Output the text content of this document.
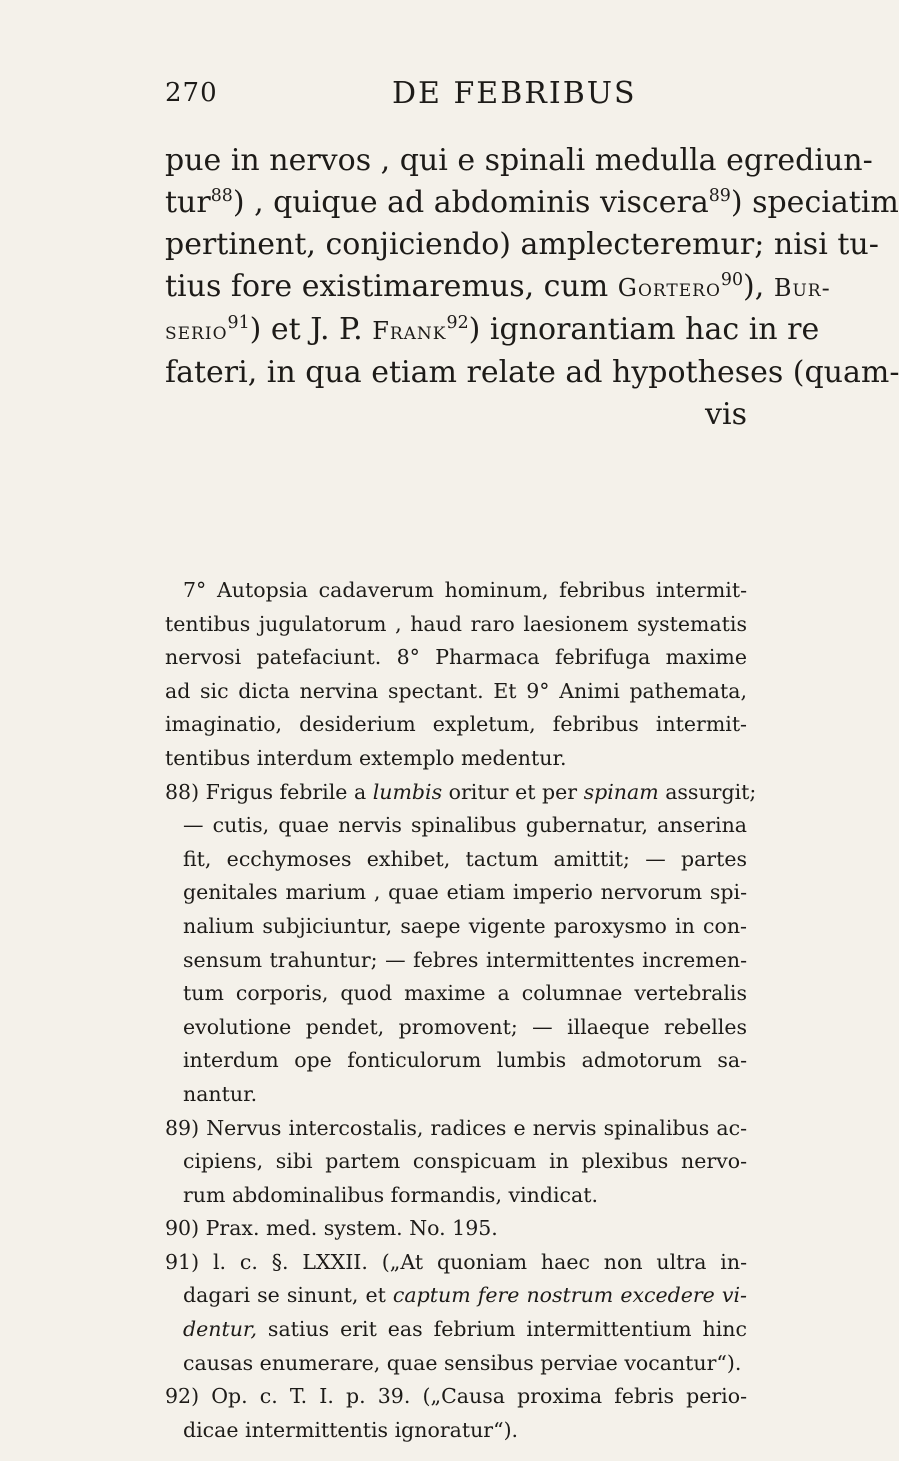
270	DE FEBRIBUS
pue in nervos , qui e spinali medulla egrediun-
tur$^{88}$) , quique ad abdominis viscera$^{89}$) speciatim
pertinent, conjiciendo) amplecteremur; nisi tu-
tius fore existimaremus, cum Gortero$^{90}$), Bur-
serio$^{91}$) et J. P. Frank$^{92}$) ignorantiam hac in re
fateri, in qua etiam relate ad hypotheses (quam-
vis
7° Autopsia cadaverum hominum, febribus intermit-
tentibus jugulatorum , haud raro laesionem systematis
nervosi patefaciunt. 8° Pharmaca febrifuga maxime
ad sic dicta nervina spectant. Et 9° Animi pathemata,
imaginatio, desiderium expletum, febribus intermit-
tentibus interdum extemplo medentur.
88) Frigus febrile a lumbis oritur et per spinam assurgit;
— cutis, quae nervis spinalibus gubernatur, anserina
fit, ecchymoses exhibet, tactum amittit; — partes
genitales marium , quae etiam imperio nervorum spi-
nalium subjiciuntur, saepe vigente paroxysmo in con-
sensum trahuntur; — febres intermittentes incremen-
tum corporis, quod maxime a columnae vertebralis
evolutione pendet, promovent; — illaeque rebelles
interdum ope fonticulorum lumbis admotorum sa-
nantur.
89) Nervus intercostalis, radices e nervis spinalibus ac-
cipiens, sibi partem conspicuam in plexibus nervo-
rum abdominalibus formandis, vindicat.
90) Prax. med. system. No. 195.
91) l. c. §. LXXII. („At quoniam haec non ultra in-
dagari se sinunt, et captum fere nostrum excedere vi-
dentur, satius erit eas febrium intermittentium hinc
causas enumerare, quae sensibus perviae vocantur“).
92) Op. c. T. I. p. 39. („Causa proxima febris perio-
dicae intermittentis ignoratur“).
